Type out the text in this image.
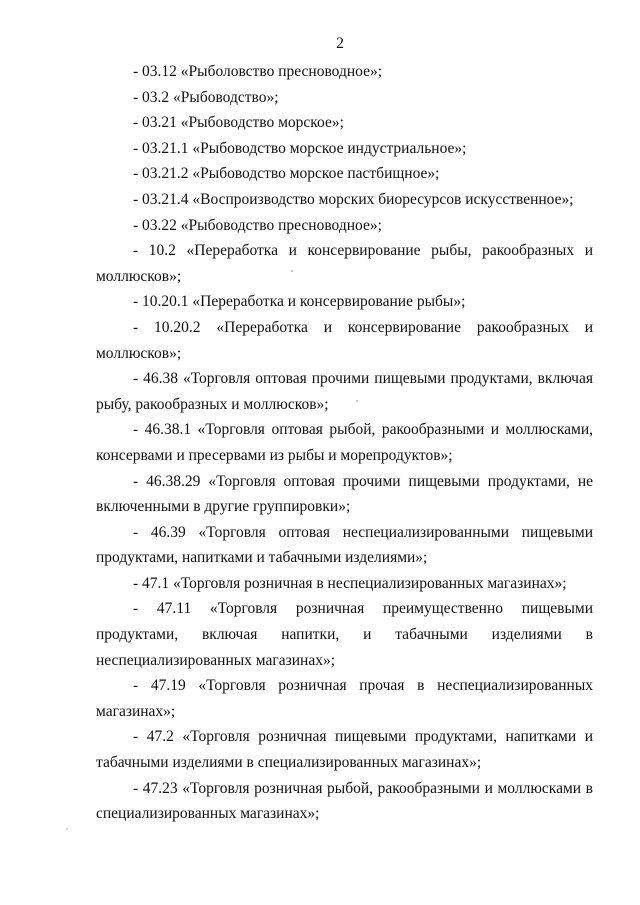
2

- 03.12 «Рыболовство пресноводное»;

- 03.2 «Рыбоводство»;

- 03.21 «Рыбоводство морское»;

- 03.21.1 «Рыбоводство морское индустриальное»;

- 03.21.2 «Рыбоводство морское пастбищное»;

- 03.21.4 «Воспроизводство морских биоресурсов искусственное»;

- 03.22 «Рыбоводство пресноводное»;

- 10.2 «Переработка и консервирование рыбы, ракообразных и моллюсков»;

- 10.20.1 «Переработка и консервирование рыбы»;

- 10.20.2 «Переработка и консервирование ракообразных и моллюсков»;

- 46.38 «Торговля оптовая прочими пищевыми продуктами, включая рыбу, ракообразных и моллюсков»;

- 46.38.1 «Торговля оптовая рыбой, ракообразными и моллюсками, консервами и пресервами из рыбы и морепродуктов»;

- 46.38.29 «Торговля оптовая прочими пищевыми продуктами, не включенными в другие группировки»;

- 46.39 «Торговля оптовая неспециализированными пищевыми продуктами, напитками и табачными изделиями»;

- 47.1 «Торговля розничная в неспециализированных магазинах»;

- 47.11 «Торговля розничная преимущественно пищевыми продуктами, включая напитки, и табачными изделиями в неспециализированных магазинах»;

- 47.19 «Торговля розничная прочая в неспециализированных магазинах»;

- 47.2 «Торговля розничная пищевыми продуктами, напитками и табачными изделиями в специализированных магазинах»;

- 47.23 «Торговля розничная рыбой, ракообразными и моллюсками в специализированных магазинах»;
